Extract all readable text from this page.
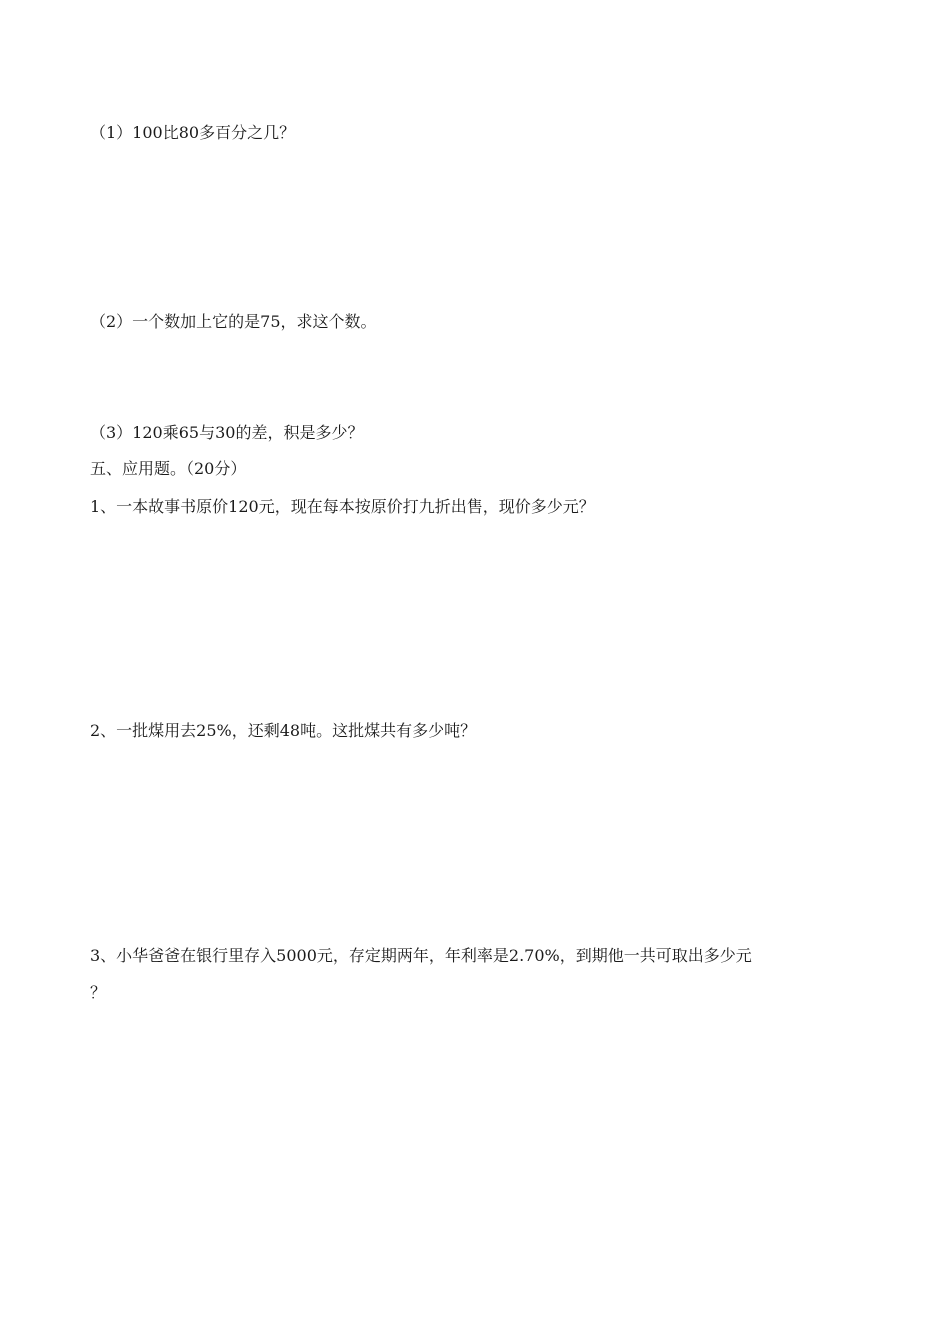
（1）100比80多百分之几？
（2）一个数加上它的是75，求这个数。
（3）120乘65与30的差，积是多少？
五、应用题。（20分）
1、一本故事书原价120元，现在每本按原价打九折出售，现价多少元？
2、一批煤用去25%，还剩48吨。这批煤共有多少吨？
3、小华爸爸在银行里存入5000元，存定期两年，年利率是2.70%，到期他一共可取出多少元
？
